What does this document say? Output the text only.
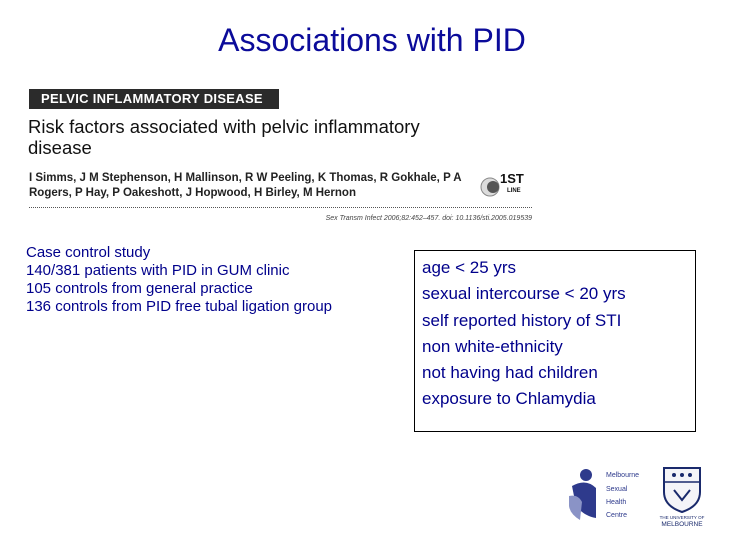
Associations with PID
PELVIC INFLAMMATORY DISEASE
Risk factors associated with pelvic inflammatory disease
I Simms, J M Stephenson, H Mallinson, R W Peeling, K Thomas, R Gokhale, P A Rogers, P Hay, P Oakeshott, J Hopwood, H Birley, M Hernon
1ST
LINE
Sex Transm Infect 2006;82:452–457. doi: 10.1136/sti.2005.019539
Case control study
140/381 patients with PID in GUM clinic
105 controls from general practice
136 controls from PID free tubal ligation group
age < 25 yrs
sexual intercourse < 20 yrs
self reported history of STI
non white-ethnicity
not having had children
exposure to Chlamydia
Melbourne
Sexual
Health
Centre	THE UNIVERSITY OF
MELBOURNE
